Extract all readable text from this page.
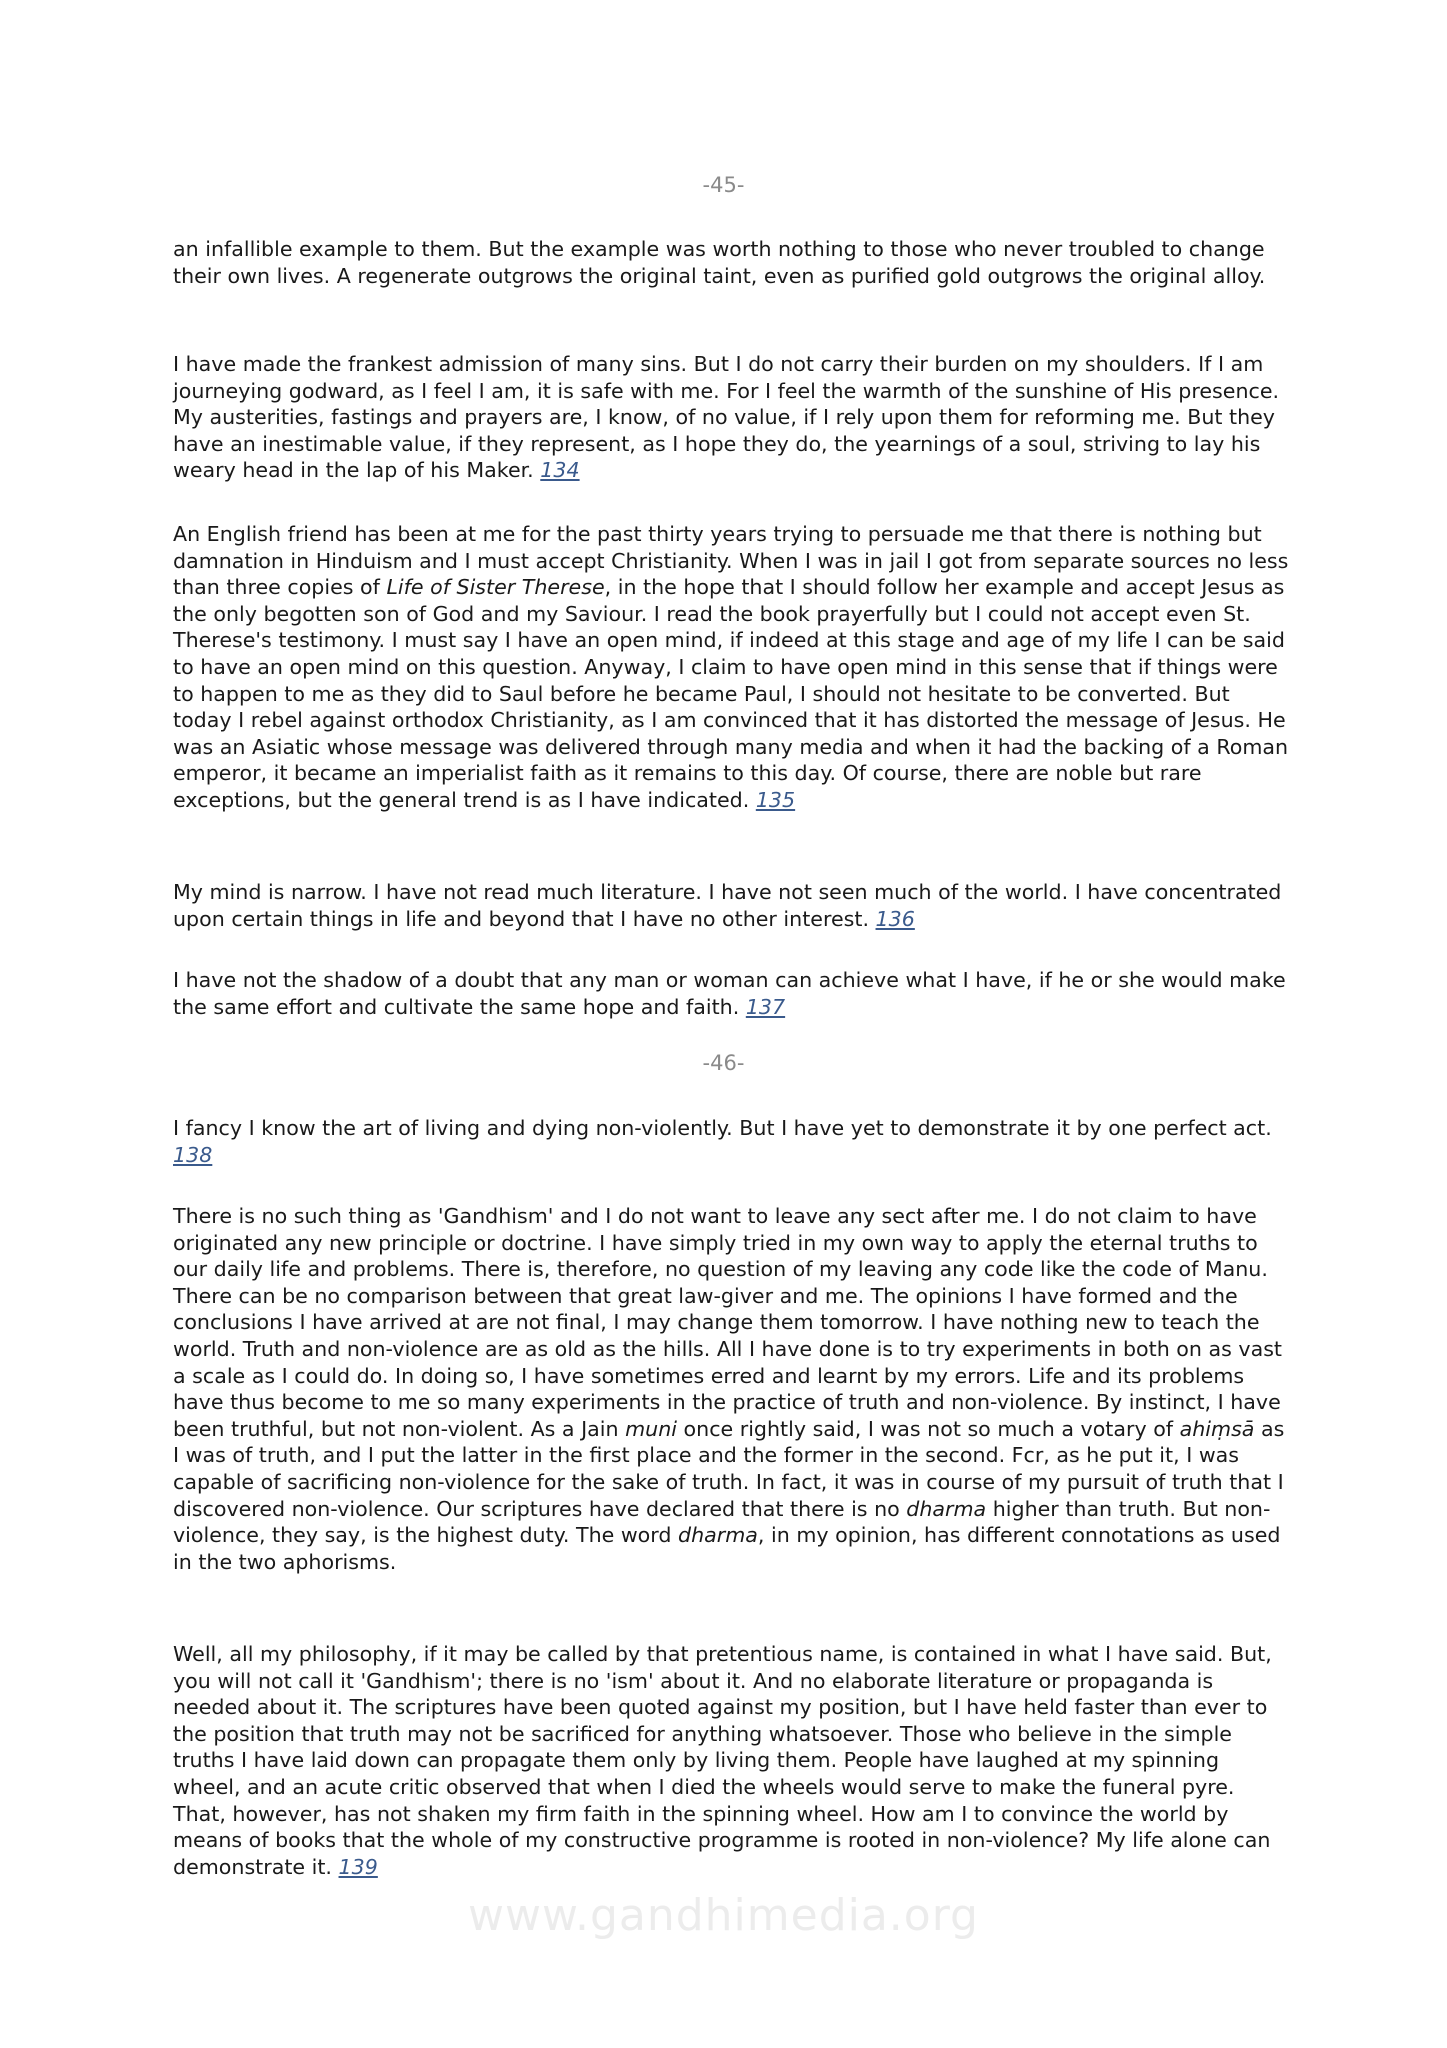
-45-

an infallible example to them. But the example was worth nothing to those who never troubled to change their own lives. A regenerate outgrows the original taint, even as purified gold outgrows the original alloy.

I have made the frankest admission of many sins. But I do not carry their burden on my shoulders. If I am journeying godward, as I feel I am, it is safe with me. For I feel the warmth of the sunshine of His presence. My austerities, fastings and prayers are, I know, of no value, if I rely upon them for reforming me. But they have an inestimable value, if they represent, as I hope they do, the yearnings of a soul, striving to lay his weary head in the lap of his Maker. 134

An English friend has been at me for the past thirty years trying to persuade me that there is nothing but damnation in Hinduism and I must accept Christianity. When I was in jail I got from separate sources no less than three copies of Life of Sister Therese, in the hope that I should follow her example and accept Jesus as the only begotten son of God and my Saviour. I read the book prayerfully but I could not accept even St. Therese's testimony. I must say I have an open mind, if indeed at this stage and age of my life I can be said to have an open mind on this question. Anyway, I claim to have open mind in this sense that if things were to happen to me as they did to Saul before he became Paul, I should not hesitate to be converted. But today I rebel against orthodox Christianity, as I am convinced that it has distorted the message of Jesus. He was an Asiatic whose message was delivered through many media and when it had the backing of a Roman emperor, it became an imperialist faith as it remains to this day. Of course, there are noble but rare exceptions, but the general trend is as I have indicated. 135

My mind is narrow. I have not read much literature. I have not seen much of the world. I have concentrated upon certain things in life and beyond that I have no other interest. 136

I have not the shadow of a doubt that any man or woman can achieve what I have, if he or she would make the same effort and cultivate the same hope and faith. 137

-46-

I fancy I know the art of living and dying non-violently. But I have yet to demonstrate it by one perfect act. 138

There is no such thing as 'Gandhism' and I do not want to leave any sect after me. I do not claim to have originated any new principle or doctrine. I have simply tried in my own way to apply the eternal truths to our daily life and problems. There is, therefore, no question of my leaving any code like the code of Manu. There can be no comparison between that great law-giver and me. The opinions I have formed and the conclusions I have arrived at are not final, I may change them tomorrow. I have nothing new to teach the world. Truth and non-violence are as old as the hills. All I have done is to try experiments in both on as vast a scale as I could do. In doing so, I have sometimes erred and learnt by my errors. Life and its problems have thus become to me so many experiments in the practice of truth and non-violence. By instinct, I have been truthful, but not non-violent. As a Jain muni once rightly said, I was not so much a votary of ahiṃsā as I was of truth, and I put the latter in the first place and the former in the second. Fcr, as he put it, I was capable of sacrificing non-violence for the sake of truth. In fact, it was in course of my pursuit of truth that I discovered non-violence. Our scriptures have declared that there is no dharma higher than truth. But non-violence, they say, is the highest duty. The word dharma, in my opinion, has different connotations as used in the two aphorisms.

Well, all my philosophy, if it may be called by that pretentious name, is contained in what I have said. But, you will not call it 'Gandhism'; there is no 'ism' about it. And no elaborate literature or propaganda is needed about it. The scriptures have been quoted against my position, but I have held faster than ever to the position that truth may not be sacrificed for anything whatsoever. Those who believe in the simple truths I have laid down can propagate them only by living them. People have laughed at my spinning wheel, and an acute critic observed that when I died the wheels would serve to make the funeral pyre. That, however, has not shaken my firm faith in the spinning wheel. How am I to convince the world by means of books that the whole of my constructive programme is rooted in non-violence? My life alone can demonstrate it. 139

www.gandhimedia.org
